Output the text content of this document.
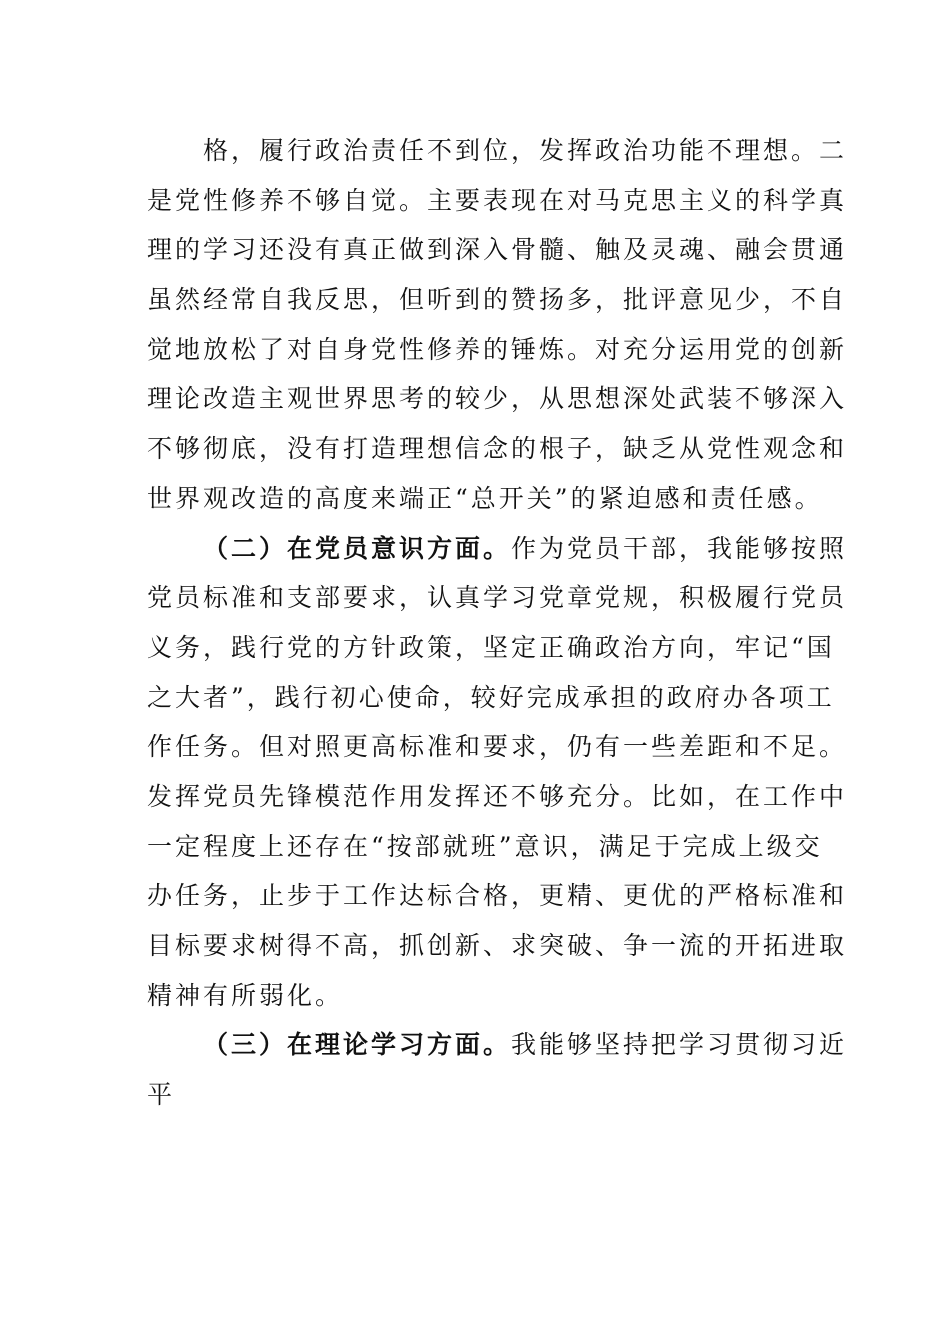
格，履行政治责任不到位，发挥政治功能不理想。二
是党性修养不够自觉。主要表现在对马克思主义的科学真
理的学习还没有真正做到深入骨髓、触及灵魂、融会贯通
虽然经常自我反思，但听到的赞扬多，批评意见少，不自
觉地放松了对自身党性修养的锤炼。对充分运用党的创新
理论改造主观世界思考的较少，从思想深处武装不够深入
不够彻底，没有打造理想信念的根子，缺乏从党性观念和
世界观改造的高度来端正“总开关”的紧迫感和责任感。
（二）在党员意识方面。作为党员干部，我能够按照
党员标准和支部要求，认真学习党章党规，积极履行党员
义务，践行党的方针政策，坚定正确政治方向，牢记“国
之大者”，践行初心使命，较好完成承担的政府办各项工
作任务。但对照更高标准和要求，仍有一些差距和不足。
发挥党员先锋模范作用发挥还不够充分。比如，在工作中
一定程度上还存在“按部就班”意识，满足于完成上级交
办任务，止步于工作达标合格，更精、更优的严格标准和
目标要求树得不高，抓创新、求突破、争一流的开拓进取
精神有所弱化。
（三）在理论学习方面。我能够坚持把学习贯彻习近
平
